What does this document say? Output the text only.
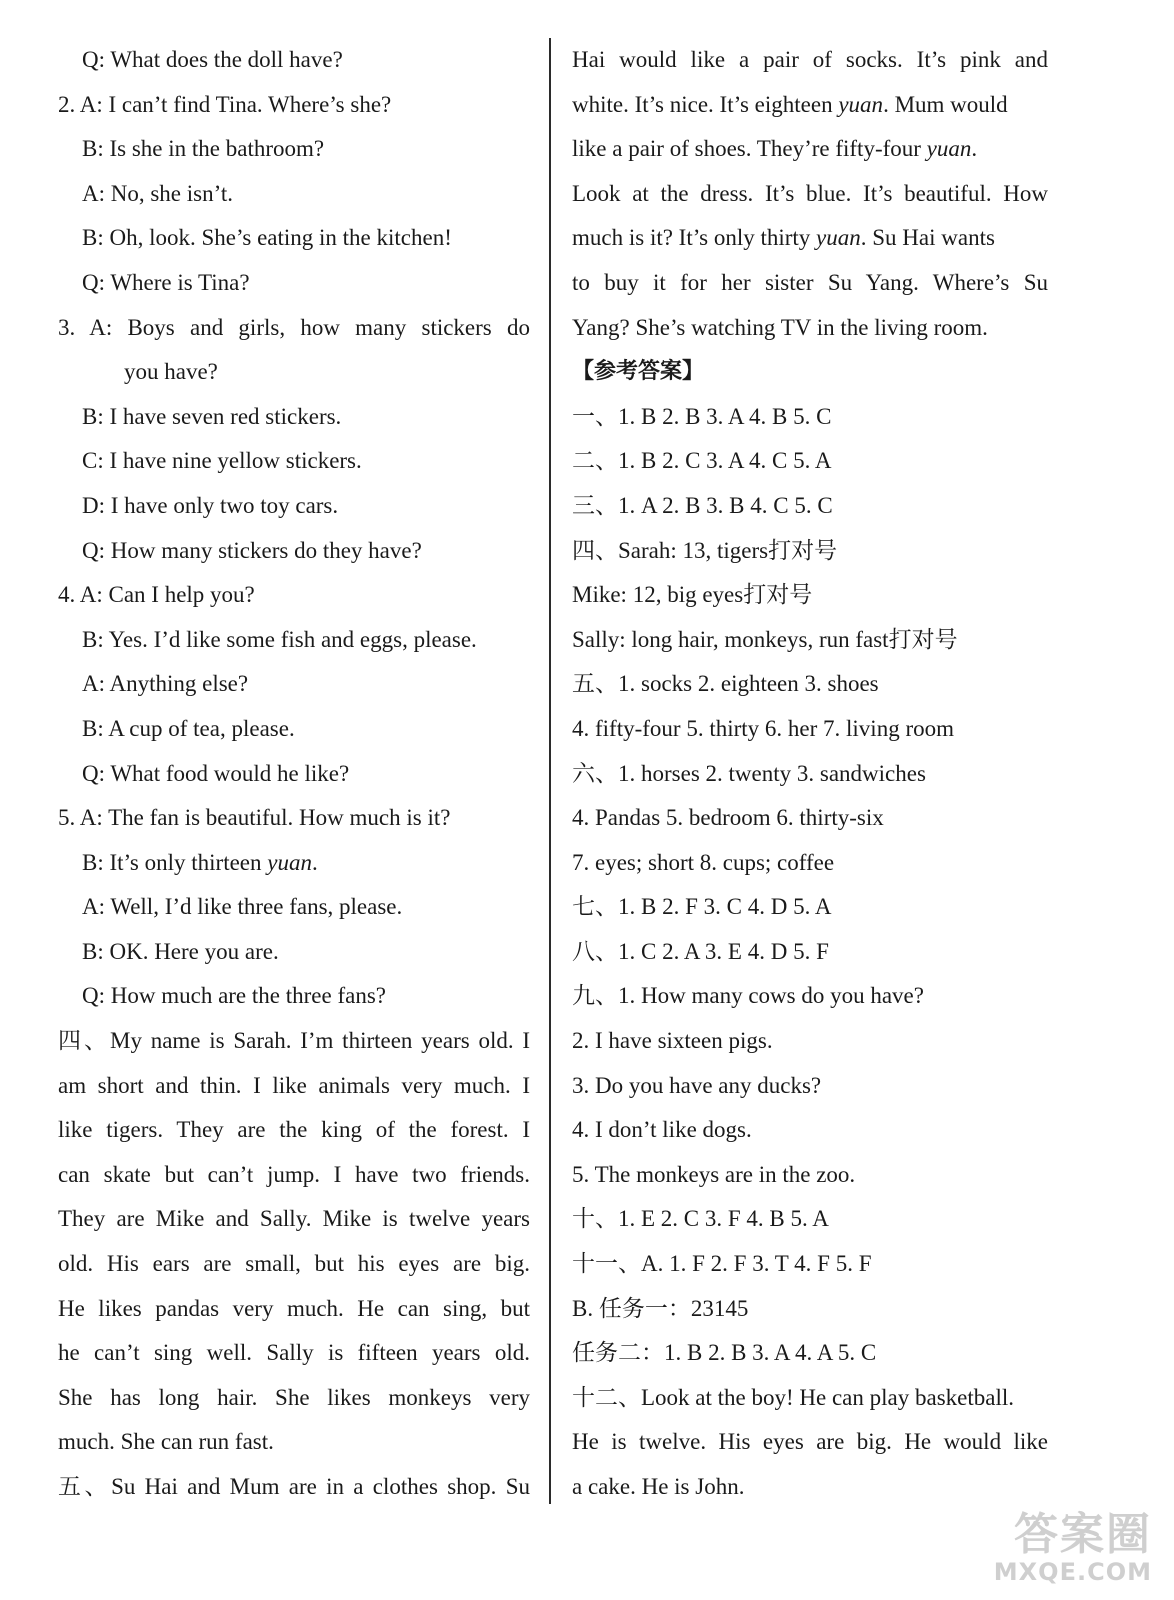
Q: What does the doll have?
2. A: I can’t find Tina. Where’s she?
B: Is she in the bathroom?
A: No, she isn’t.
B: Oh, look. She’s eating in the kitchen!
Q: Where is Tina?
3. A: Boys and girls, how many stickers do
you have?
B: I have seven red stickers.
C: I have nine yellow stickers.
D: I have only two toy cars.
Q: How many stickers do they have?
4. A: Can I help you?
B: Yes. I’d like some fish and eggs, please.
A: Anything else?
B: A cup of tea, please.
Q: What food would he like?
5. A: The fan is beautiful. How much is it?
B: It’s only thirteen yuan.
A: Well, I’d like three fans, please.
B: OK. Here you are.
Q: How much are the three fans?
四、My name is Sarah. I’m thirteen years old. I
am short and thin. I like animals very much. I
like tigers. They are the king of the forest. I
can skate but can’t jump. I have two friends.
They are Mike and Sally. Mike is twelve years
old. His ears are small, but his eyes are big.
He likes pandas very much. He can sing, but
he can’t sing well. Sally is fifteen years old.
She has long hair. She likes monkeys very
much. She can run fast.
五、Su Hai and Mum are in a clothes shop. Su
Hai would like a pair of socks. It’s pink and
white. It’s nice. It’s eighteen yuan. Mum would
like a pair of shoes. They’re fifty-four yuan.
Look at the dress. It’s blue. It’s beautiful. How
much is it? It’s only thirty yuan. Su Hai wants
to buy it for her sister Su Yang. Where’s Su
Yang? She’s watching TV in the living room.
【参考答案】
一、1. B 2. B 3. A 4. B 5. C
二、1. B 2. C 3. A 4. C 5. A
三、1. A 2. B 3. B 4. C 5. C
四、Sarah: 13, tigers打对号
Mike: 12, big eyes打对号
Sally: long hair, monkeys, run fast打对号
五、1. socks 2. eighteen 3. shoes
4. fifty-four 5. thirty 6. her 7. living room
六、1. horses 2. twenty 3. sandwiches
4. Pandas 5. bedroom 6. thirty-six
7. eyes; short 8. cups; coffee
七、1. B 2. F 3. C 4. D 5. A
八、1. C 2. A 3. E 4. D 5. F
九、1. How many cows do you have?
2. I have sixteen pigs.
3. Do you have any ducks?
4. I don’t like dogs.
5. The monkeys are in the zoo.
十、1. E 2. C 3. F 4. B 5. A
十一、A. 1. F 2. F 3. T 4. F 5. F
B. 任务一：23145
任务二：1. B 2. B 3. A 4. A 5. C
十二、Look at the boy! He can play basketball.
He is twelve. His eyes are big. He would like
a cake. He is John.
答案圈
MXQE.COM
